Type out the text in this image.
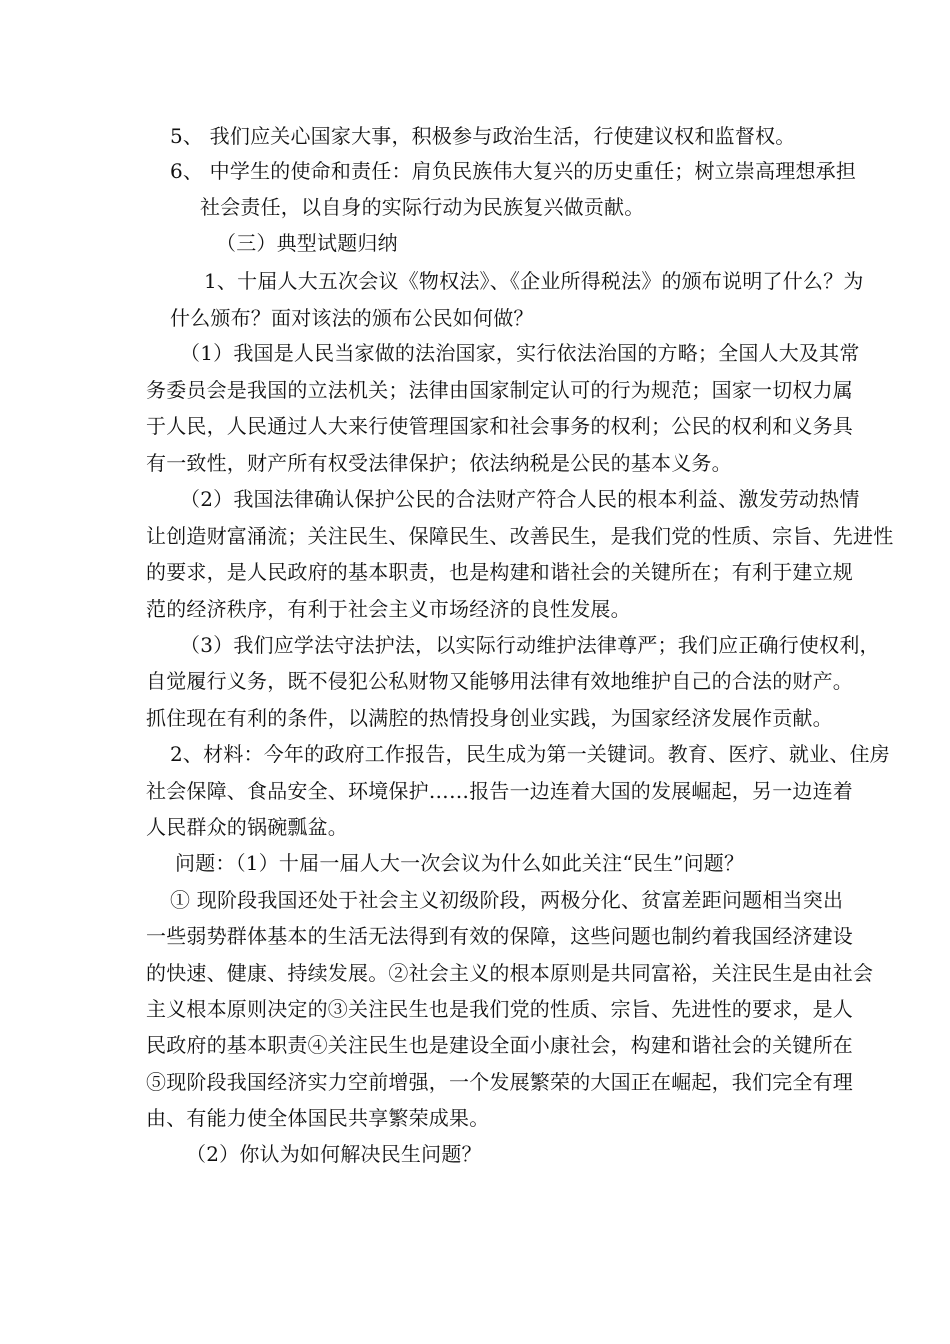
5、 我们应关心国家大事，积极参与政治生活，行使建议权和监督权。
6、 中学生的使命和责任：肩负民族伟大复兴的历史重任；树立崇高理想承担
社会责任，以自身的实际行动为民族复兴做贡献。
（三）典型试题归纳
1、十届人大五次会议《物权法》、《企业所得税法》的颁布说明了什么？为
什么颁布？面对该法的颁布公民如何做？
（1）我国是人民当家做的法治国家，实行依法治国的方略；全国人大及其常
务委员会是我国的立法机关；法律由国家制定认可的行为规范；国家一切权力属
于人民，人民通过人大来行使管理国家和社会事务的权利；公民的权利和义务具
有一致性，财产所有权受法律保护；依法纳税是公民的基本义务。
（2）我国法律确认保护公民的合法财产符合人民的根本利益、激发劳动热情
让创造财富涌流；关注民生、保障民生、改善民生，是我们党的性质、宗旨、先进性
的要求，是人民政府的基本职责，也是构建和谐社会的关键所在；有利于建立规
范的经济秩序，有利于社会主义市场经济的良性发展。
（3）我们应学法守法护法，以实际行动维护法律尊严；我们应正确行使权利，
自觉履行义务，既不侵犯公私财物又能够用法律有效地维护自己的合法的财产。
抓住现在有利的条件，以满腔的热情投身创业实践，为国家经济发展作贡献。
2、材料：今年的政府工作报告，民生成为第一关键词。教育、医疗、就业、住房
社会保障、食品安全、环境保护……报告一边连着大国的发展崛起，另一边连着
人民群众的锅碗瓢盆。
问题：（1）十届一届人大一次会议为什么如此关注“民生”问题？
① 现阶段我国还处于社会主义初级阶段，两极分化、贫富差距问题相当突出
一些弱势群体基本的生活无法得到有效的保障，这些问题也制约着我国经济建设
的快速、健康、持续发展。②社会主义的根本原则是共同富裕，关注民生是由社会
主义根本原则决定的③关注民生也是我们党的性质、宗旨、先进性的要求，是人
民政府的基本职责④关注民生也是建设全面小康社会，构建和谐社会的关键所在
⑤现阶段我国经济实力空前增强，一个发展繁荣的大国正在崛起，我们完全有理
由、有能力使全体国民共享繁荣成果。
（2）你认为如何解决民生问题？
